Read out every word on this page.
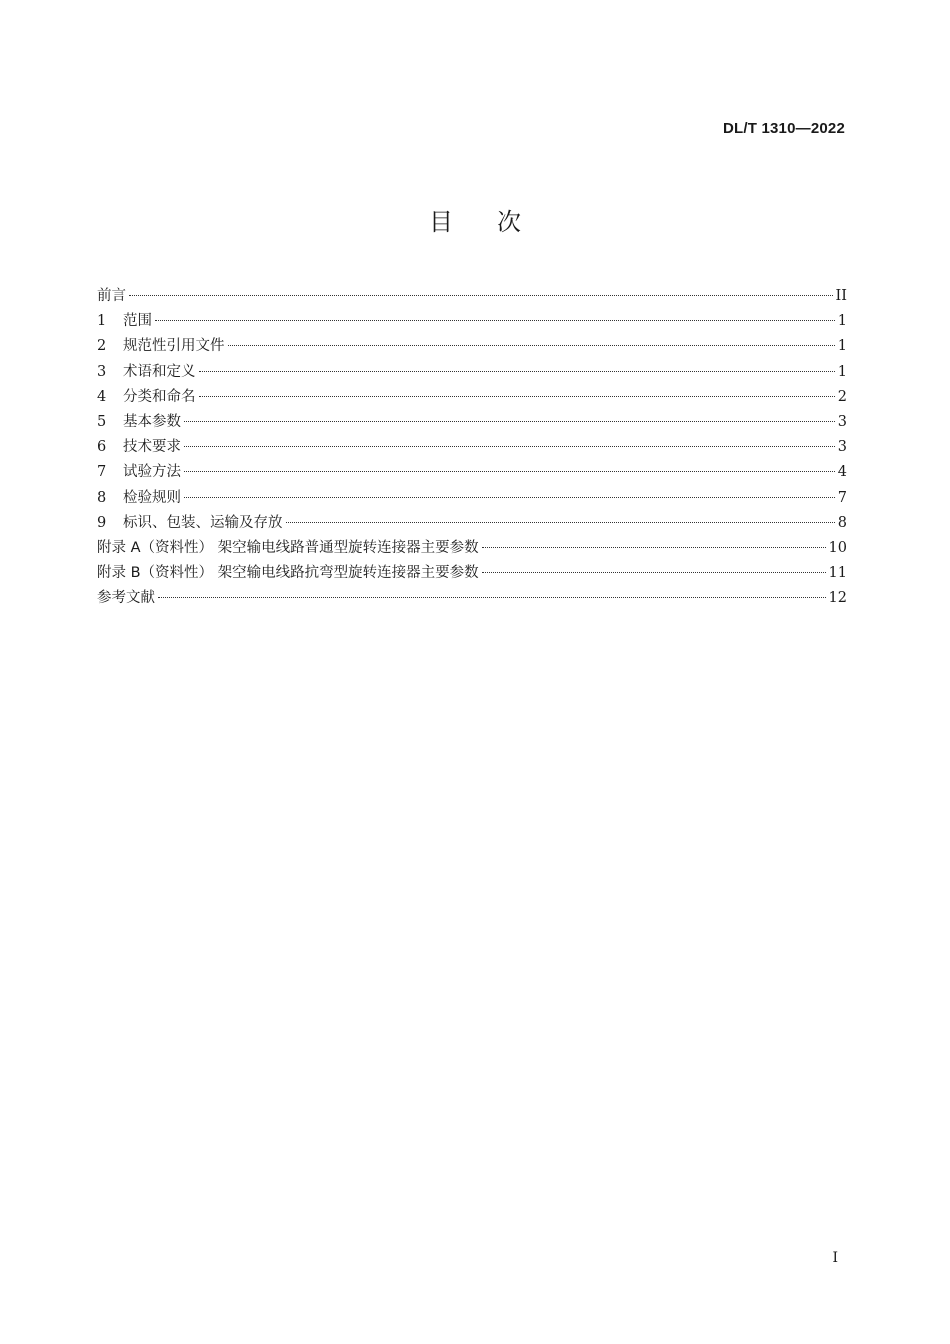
DL/T 1310—2022
目次
前言	II
1	范围	1
2	规范性引用文件	1
3	术语和定义	1
4	分类和命名	2
5	基本参数	3
6	技术要求	3
7	试验方法	4
8	检验规则	7
9	标识、包装、运输及存放	8
附录 A（资料性） 架空输电线路普通型旋转连接器主要参数	10
附录 B（资料性） 架空输电线路抗弯型旋转连接器主要参数	11
参考文献	12
I
